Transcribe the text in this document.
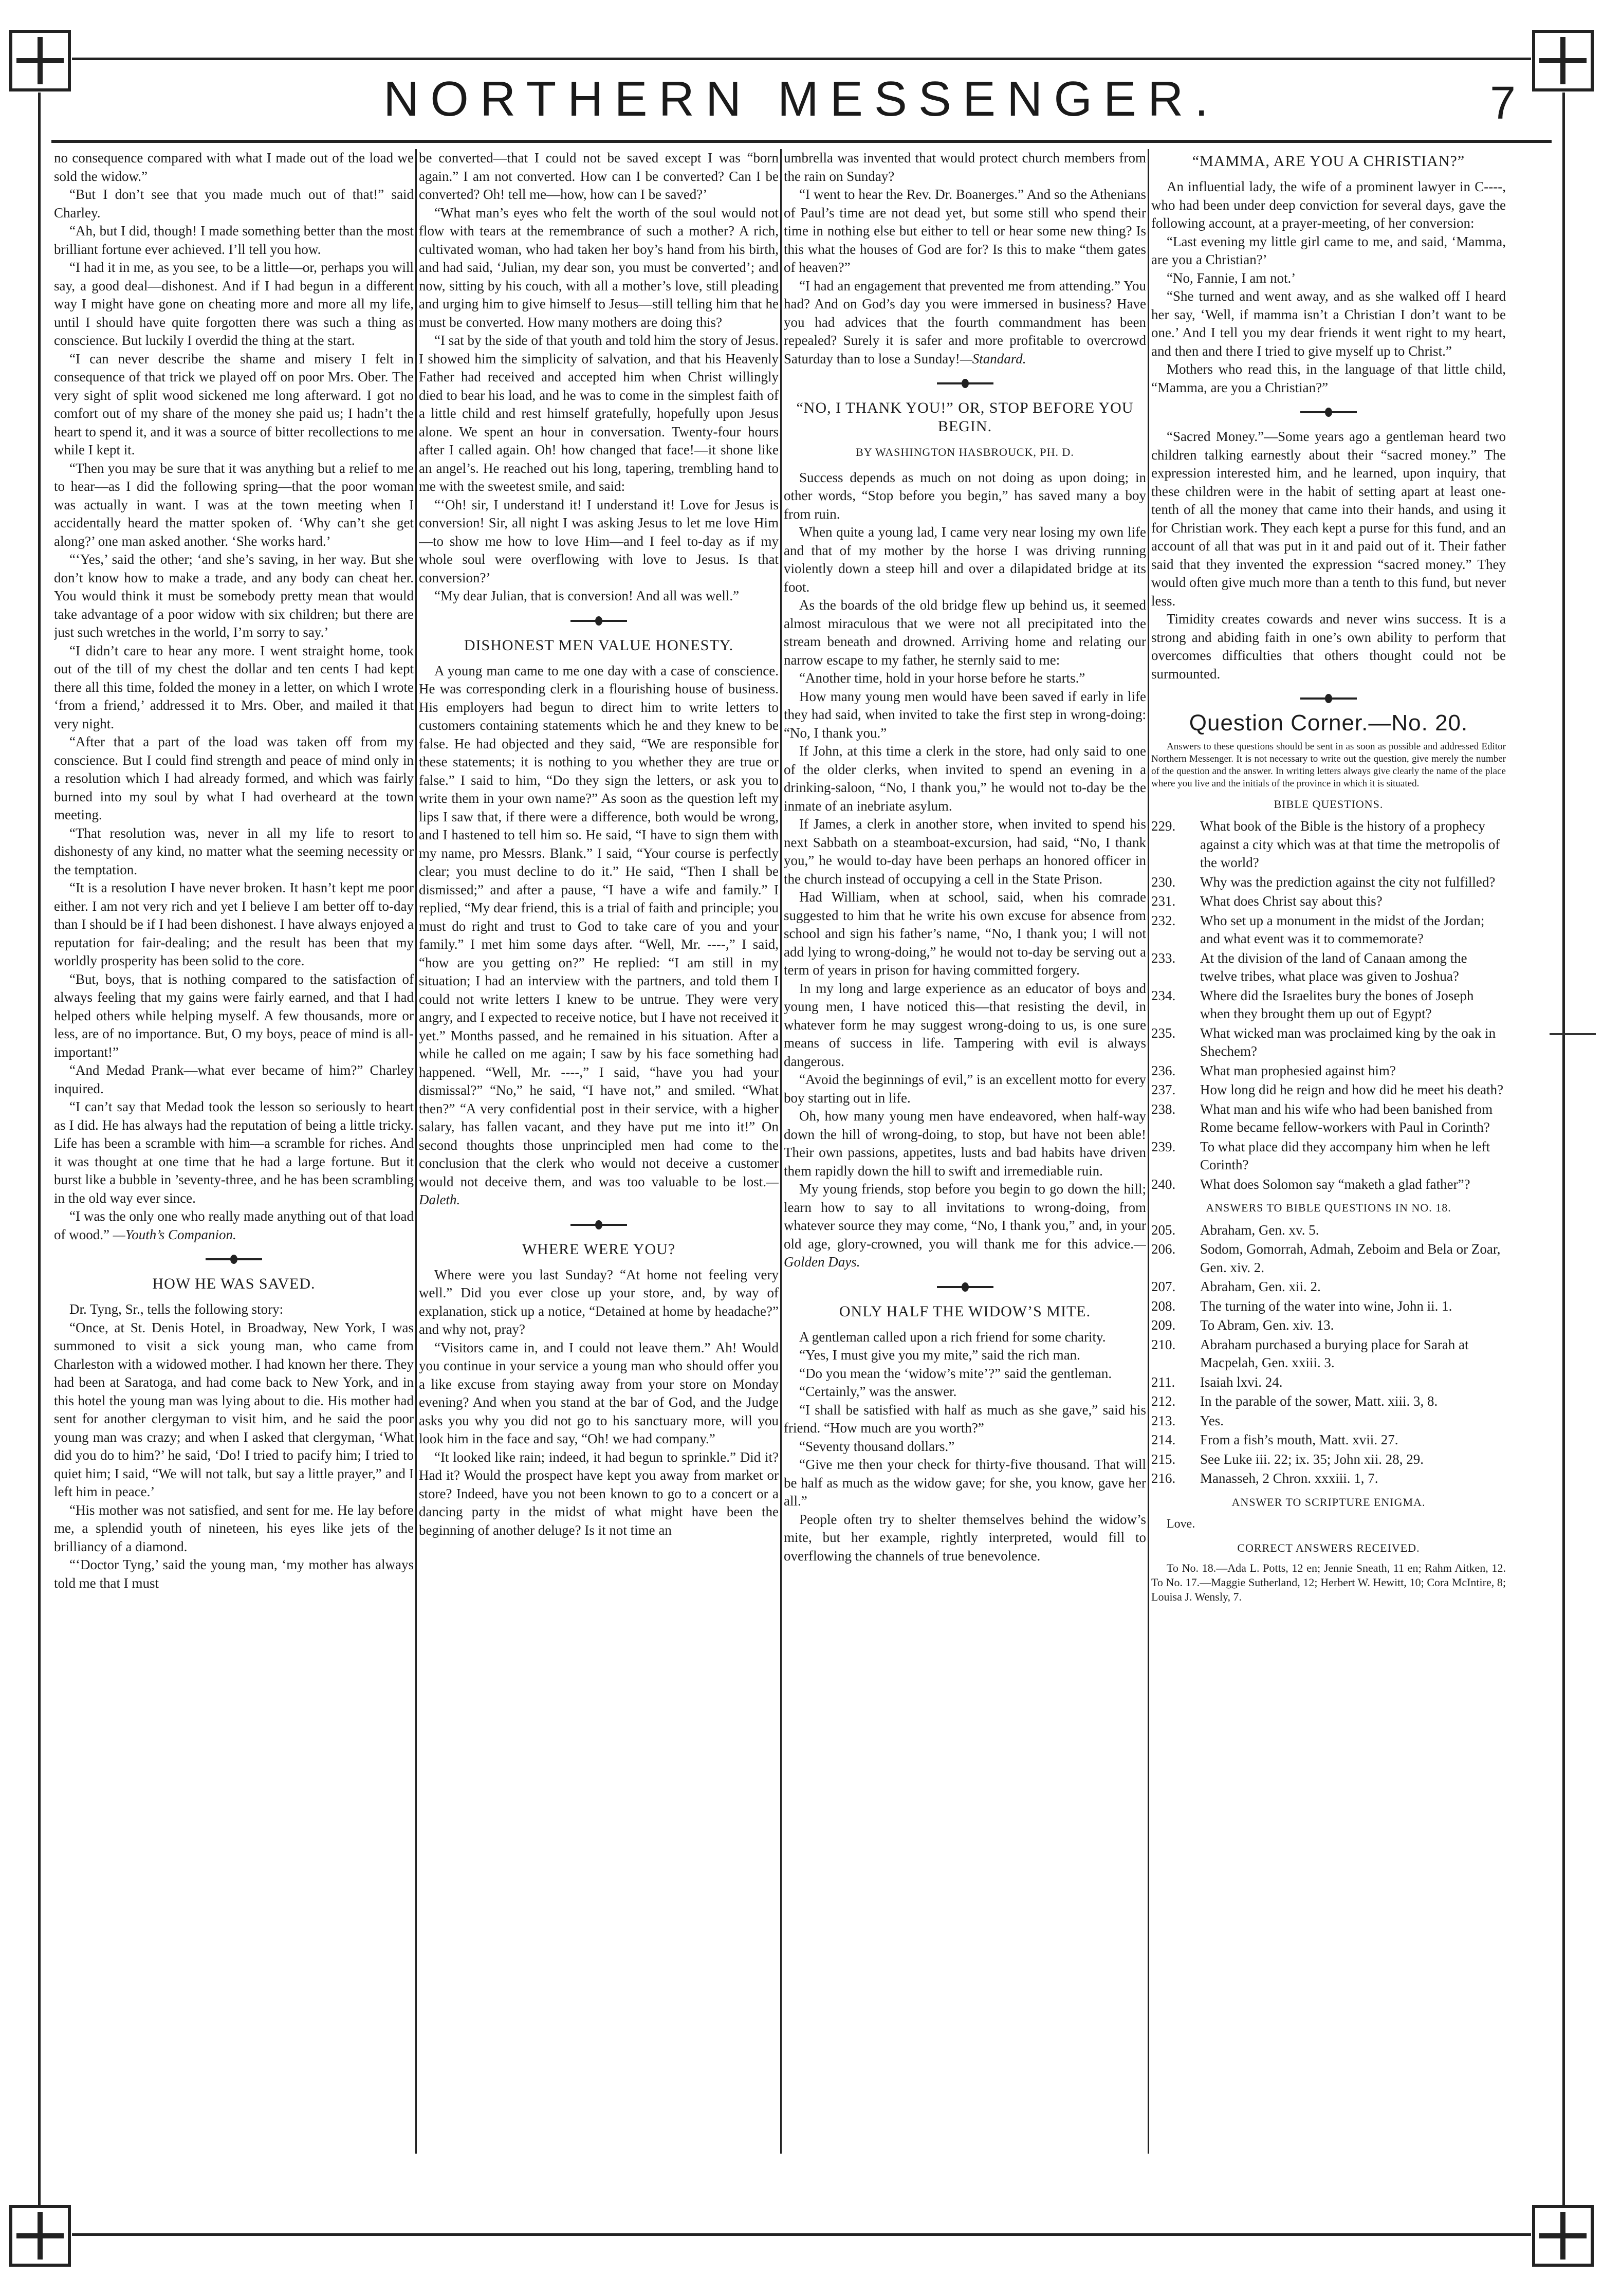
NORTHERN MESSENGER.	7

no consequence compared with what I made out of the load we sold the widow.”

“But I don’t see that you made much out of that!” said Charley.

“Ah, but I did, though! I made something better than the most brilliant fortune ever achieved. I’ll tell you how.

“I had it in me, as you see, to be a little—or, perhaps you will say, a good deal—dishonest. And if I had begun in a different way I might have gone on cheating more and more all my life, until I should have quite forgotten there was such a thing as conscience. But luckily I overdid the thing at the start.

“I can never describe the shame and misery I felt in consequence of that trick we played off on poor Mrs. Ober. The very sight of split wood sickened me long afterward. I got no comfort out of my share of the money she paid us; I hadn’t the heart to spend it, and it was a source of bitter recollections to me while I kept it.

“Then you may be sure that it was anything but a relief to me to hear—as I did the following spring—that the poor woman was actually in want. I was at the town meeting when I accidentally heard the matter spoken of. ‘Why can’t she get along?’ one man asked another. ‘She works hard.’

“‘Yes,’ said the other; ‘and she’s saving, in her way. But she don’t know how to make a trade, and any body can cheat her. You would think it must be somebody pretty mean that would take advantage of a poor widow with six children; but there are just such wretches in the world, I’m sorry to say.’

“I didn’t care to hear any more. I went straight home, took out of the till of my chest the dollar and ten cents I had kept there all this time, folded the money in a letter, on which I wrote ‘from a friend,’ addressed it to Mrs. Ober, and mailed it that very night.

“After that a part of the load was taken off from my conscience. But I could find strength and peace of mind only in a resolution which I had already formed, and which was fairly burned into my soul by what I had overheard at the town meeting.

“That resolution was, never in all my life to resort to dishonesty of any kind, no matter what the seeming necessity or the temptation.

“It is a resolution I have never broken. It hasn’t kept me poor either. I am not very rich and yet I believe I am better off to-day than I should be if I had been dishonest. I have always enjoyed a reputation for fair-dealing; and the result has been that my worldly prosperity has been solid to the core.

“But, boys, that is nothing compared to the satisfaction of always feeling that my gains were fairly earned, and that I had helped others while helping myself. A few thousands, more or less, are of no importance. But, O my boys, peace of mind is all-important!”

“And Medad Prank—what ever became of him?” Charley inquired.

“I can’t say that Medad took the lesson so seriously to heart as I did. He has always had the reputation of being a little tricky. Life has been a scramble with him—a scramble for riches. And it was thought at one time that he had a large fortune. But it burst like a bubble in ’seventy-three, and he has been scrambling in the old way ever since.

“I was the only one who really made anything out of that load of wood.” —Youth’s Companion.

HOW HE WAS SAVED.

Dr. Tyng, Sr., tells the following story:

“Once, at St. Denis Hotel, in Broadway, New York, I was summoned to visit a sick young man, who came from Charleston with a widowed mother. I had known her there. They had been at Saratoga, and had come back to New York, and in this hotel the young man was lying about to die. His mother had sent for another clergyman to visit him, and he said the poor young man was crazy; and when I asked that clergyman, ‘What did you do to him?’ he said, ‘Do! I tried to pacify him; I tried to quiet him; I said, “We will not talk, but say a little prayer,” and I left him in peace.’

“His mother was not satisfied, and sent for me. He lay before me, a splendid youth of nineteen, his eyes like jets of the brilliancy of a diamond.

“‘Doctor Tyng,’ said the young man, ‘my mother has always told me that I must

be converted—that I could not be saved except I was “born again.” I am not converted. How can I be converted? Can I be converted? Oh! tell me—how, how can I be saved?’

“What man’s eyes who felt the worth of the soul would not flow with tears at the remembrance of such a mother? A rich, cultivated woman, who had taken her boy’s hand from his birth, and had said, ‘Julian, my dear son, you must be converted’; and now, sitting by his couch, with all a mother’s love, still pleading and urging him to give himself to Jesus—still telling him that he must be converted. How many mothers are doing this?

“I sat by the side of that youth and told him the story of Jesus. I showed him the simplicity of salvation, and that his Heavenly Father had received and accepted him when Christ willingly died to bear his load, and he was to come in the simplest faith of a little child and rest himself gratefully, hopefully upon Jesus alone. We spent an hour in conversation. Twenty-four hours after I called again. Oh! how changed that face!—it shone like an angel’s. He reached out his long, tapering, trembling hand to me with the sweetest smile, and said:

“‘Oh! sir, I understand it! I understand it! Love for Jesus is conversion! Sir, all night I was asking Jesus to let me love Him—to show me how to love Him—and I feel to-day as if my whole soul were overflowing with love to Jesus. Is that conversion?’

“My dear Julian, that is conversion! And all was well.”

DISHONEST MEN VALUE HONESTY.

A young man came to me one day with a case of conscience. He was corresponding clerk in a flourishing house of business. His employers had begun to direct him to write letters to customers containing statements which he and they knew to be false. He had objected and they said, “We are responsible for these statements; it is nothing to you whether they are true or false.” I said to him, “Do they sign the letters, or ask you to write them in your own name?” As soon as the question left my lips I saw that, if there were a difference, both would be wrong, and I hastened to tell him so. He said, “I have to sign them with my name, pro Messrs. Blank.” I said, “Your course is perfectly clear; you must decline to do it.” He said, “Then I shall be dismissed;” and after a pause, “I have a wife and family.” I replied, “My dear friend, this is a trial of faith and principle; you must do right and trust to God to take care of you and your family.” I met him some days after. “Well, Mr. ----,” I said, “how are you getting on?” He replied: “I am still in my situation; I had an interview with the partners, and told them I could not write letters I knew to be untrue. They were very angry, and I expected to receive notice, but I have not received it yet.” Months passed, and he remained in his situation. After a while he called on me again; I saw by his face something had happened. “Well, Mr. ----,” I said, “have you had your dismissal?” “No,” he said, “I have not,” and smiled. “What then?” “A very confidential post in their service, with a higher salary, has fallen vacant, and they have put me into it!” On second thoughts those unprincipled men had come to the conclusion that the clerk who would not deceive a customer would not deceive them, and was too valuable to be lost.—Daleth.

WHERE WERE YOU?

Where were you last Sunday? “At home not feeling very well.” Did you ever close up your store, and, by way of explanation, stick up a notice, “Detained at home by headache?” and why not, pray?

“Visitors came in, and I could not leave them.” Ah! Would you continue in your service a young man who should offer you a like excuse from staying away from your store on Monday evening? And when you stand at the bar of God, and the Judge asks you why you did not go to his sanctuary more, will you look him in the face and say, “Oh! we had company.”

“It looked like rain; indeed, it had begun to sprinkle.” Did it? Had it? Would the prospect have kept you away from market or store? Indeed, have you not been known to go to a concert or a dancing party in the midst of what might have been the beginning of another deluge? Is it not time an

umbrella was invented that would protect church members from the rain on Sunday?

“I went to hear the Rev. Dr. Boanerges.” And so the Athenians of Paul’s time are not dead yet, but some still who spend their time in nothing else but either to tell or hear some new thing? Is this what the houses of God are for? Is this to make “them gates of heaven?”

“I had an engagement that prevented me from attending.” You had? And on God’s day you were immersed in business? Have you had advices that the fourth commandment has been repealed? Surely it is safer and more profitable to overcrowd Saturday than to lose a Sunday!—Standard.

“NO, I THANK YOU!” OR, STOP BEFORE YOU BEGIN.
BY WASHINGTON HASBROUCK, PH. D.

Success depends as much on not doing as upon doing; in other words, “Stop before you begin,” has saved many a boy from ruin.

When quite a young lad, I came very near losing my own life and that of my mother by the horse I was driving running violently down a steep hill and over a dilapidated bridge at its foot.

As the boards of the old bridge flew up behind us, it seemed almost miraculous that we were not all precipitated into the stream beneath and drowned. Arriving home and relating our narrow escape to my father, he sternly said to me:

“Another time, hold in your horse before he starts.”

How many young men would have been saved if early in life they had said, when invited to take the first step in wrong-doing: “No, I thank you.”

If John, at this time a clerk in the store, had only said to one of the older clerks, when invited to spend an evening in a drinking-saloon, “No, I thank you,” he would not to-day be the inmate of an inebriate asylum.

If James, a clerk in another store, when invited to spend his next Sabbath on a steamboat-excursion, had said, “No, I thank you,” he would to-day have been perhaps an honored officer in the church instead of occupying a cell in the State Prison.

Had William, when at school, said, when his comrade suggested to him that he write his own excuse for absence from school and sign his father’s name, “No, I thank you; I will not add lying to wrong-doing,” he would not to-day be serving out a term of years in prison for having committed forgery.

In my long and large experience as an educator of boys and young men, I have noticed this—that resisting the devil, in whatever form he may suggest wrong-doing to us, is one sure means of success in life. Tampering with evil is always dangerous.

“Avoid the beginnings of evil,” is an excellent motto for every boy starting out in life.

Oh, how many young men have endeavored, when half-way down the hill of wrong-doing, to stop, but have not been able! Their own passions, appetites, lusts and bad habits have driven them rapidly down the hill to swift and irremediable ruin.

My young friends, stop before you begin to go down the hill; learn how to say to all invitations to wrong-doing, from whatever source they may come, “No, I thank you,” and, in your old age, glory-crowned, you will thank me for this advice.—Golden Days.

ONLY HALF THE WIDOW’S MITE.

A gentleman called upon a rich friend for some charity.

“Yes, I must give you my mite,” said the rich man.

“Do you mean the ‘widow’s mite’?” said the gentleman.

“Certainly,” was the answer.

“I shall be satisfied with half as much as she gave,” said his friend. “How much are you worth?”

“Seventy thousand dollars.”

“Give me then your check for thirty-five thousand. That will be half as much as the widow gave; for she, you know, gave her all.”

People often try to shelter themselves behind the widow’s mite, but her example, rightly interpreted, would fill to overflowing the channels of true benevolence.

“MAMMA, ARE YOU A CHRISTIAN?”

An influential lady, the wife of a prominent lawyer in C----, who had been under deep conviction for several days, gave the following account, at a prayer-meeting, of her conversion:

“Last evening my little girl came to me, and said, ‘Mamma, are you a Christian?’

“No, Fannie, I am not.’

“She turned and went away, and as she walked off I heard her say, ‘Well, if mamma isn’t a Christian I don’t want to be one.’ And I tell you my dear friends it went right to my heart, and then and there I tried to give myself up to Christ.”

Mothers who read this, in the language of that little child, “Mamma, are you a Christian?”

“Sacred Money.”—Some years ago a gentleman heard two children talking earnestly about their “sacred money.” The expression interested him, and he learned, upon inquiry, that these children were in the habit of setting apart at least one-tenth of all the money that came into their hands, and using it for Christian work. They each kept a purse for this fund, and an account of all that was put in it and paid out of it. Their father said that they invented the expression “sacred money.” They would often give much more than a tenth to this fund, but never less.

Timidity creates cowards and never wins success. It is a strong and abiding faith in one’s own ability to perform that overcomes difficulties that others thought could not be surmounted.

Question Corner.—No. 20.

Answers to these questions should be sent in as soon as possible and addressed Editor Northern Messenger. It is not necessary to write out the question, give merely the number of the question and the answer. In writing letters always give clearly the name of the place where you live and the initials of the province in which it is situated.

BIBLE QUESTIONS.
229. What book of the Bible is the history of a prophecy against a city which was at that time the metropolis of the world?
230. Why was the prediction against the city not fulfilled?
231. What does Christ say about this?
232. Who set up a monument in the midst of the Jordan; and what event was it to commemorate?
233. At the division of the land of Canaan among the twelve tribes, what place was given to Joshua?
234. Where did the Israelites bury the bones of Joseph when they brought them up out of Egypt?
235. What wicked man was proclaimed king by the oak in Shechem?
236. What man prophesied against him?
237. How long did he reign and how did he meet his death?
238. What man and his wife who had been banished from Rome became fellow-workers with Paul in Corinth?
239. To what place did they accompany him when he left Corinth?
240. What does Solomon say “maketh a glad father”?
ANSWERS TO BIBLE QUESTIONS IN NO. 18.
205. Abraham, Gen. xv. 5.
206. Sodom, Gomorrah, Admah, Zeboim and Bela or Zoar, Gen. xiv. 2.
207. Abraham, Gen. xii. 2.
208. The turning of the water into wine, John ii. 1.
209. To Abram, Gen. xiv. 13.
210. Abraham purchased a burying place for Sarah at Macpelah, Gen. xxiii. 3.
211. Isaiah lxvi. 24.
212. In the parable of the sower, Matt. xiii. 3, 8.
213. Yes.
214. From a fish’s mouth, Matt. xvii. 27.
215. See Luke iii. 22; ix. 35; John xii. 28, 29.
216. Manasseh, 2 Chron. xxxiii. 1, 7.
ANSWER TO SCRIPTURE ENIGMA.

Love.

CORRECT ANSWERS RECEIVED.

To No. 18.—Ada L. Potts, 12 en; Jennie Sneath, 11 en; Rahm Aitken, 12. To No. 17.—Maggie Sutherland, 12; Herbert W. Hewitt, 10; Cora McIntire, 8; Louisa J. Wensly, 7.
